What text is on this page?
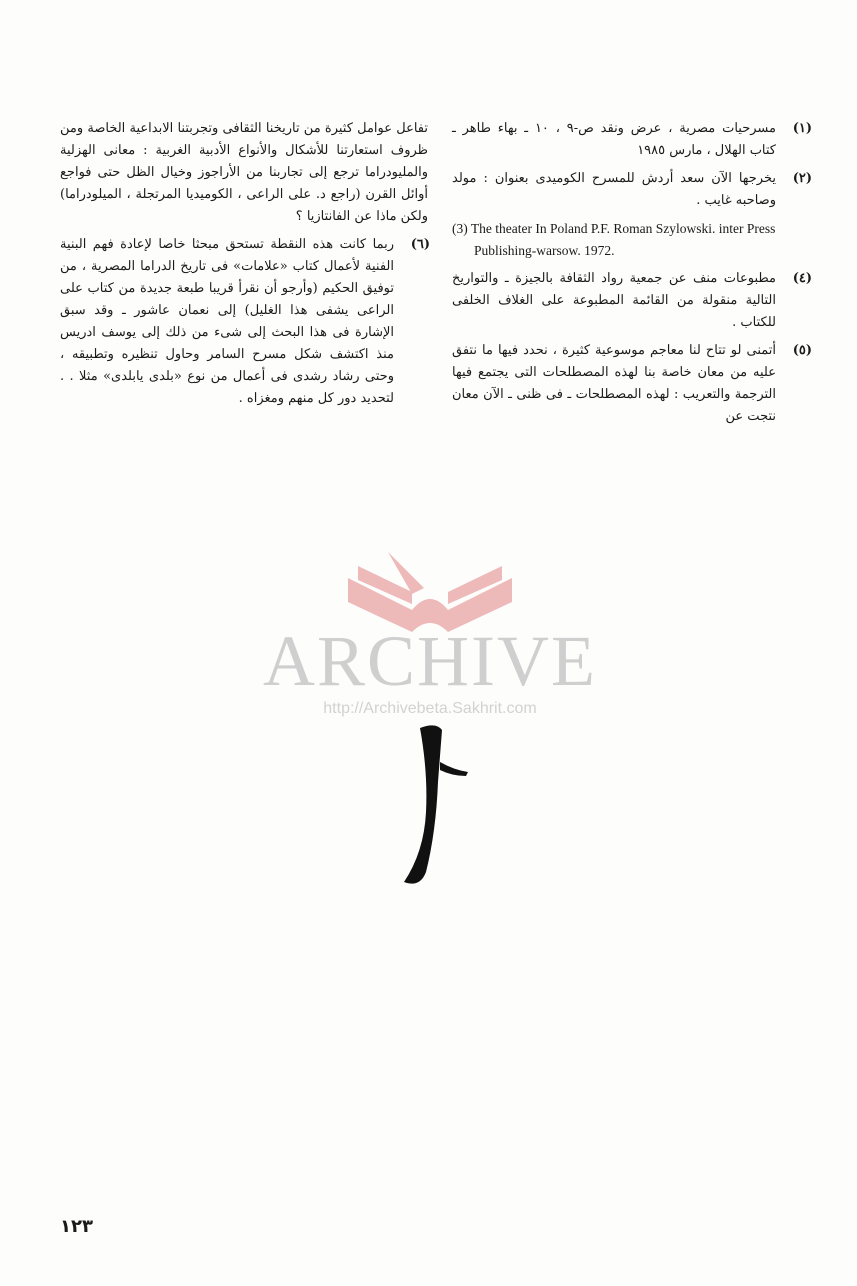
(١)
مسرحيات مصرية ، عرض ونقد ص-٩ ، ١٠ ـ بهاء طاهر ـ كتاب الهلال ، مارس ١٩٨٥
(٢)
يخرجها الآن سعد أردش للمسرح الكوميدى بعنوان : مولد وصاحبه غايب .
(3) The theater In Poland P.F. Roman Szylowski. inter Press Publishing-warsow. 1972.
(٤)
مطبوعات منف عن جمعية رواد الثقافة بالجيزة ـ والتواريخ التالية منقولة من القائمة المطبوعة على الغلاف الخلفى للكتاب .
(٥)
أتمنى لو تتاح لنا معاجم موسوعية كثيرة ، نحدد فيها ما نتفق عليه من معان خاصة بنا لهذه المصطلحات التى يجتمع فيها الترجمة والتعريب : لهذه المصطلحات ـ فى ظنى ـ الآن معان نتجت عن
تفاعل عوامل كثيرة من تاريخنا الثقافى وتجربتنا الابداعية الخاصة ومن ظروف استعارتنا للأشكال والأنواع الأدبية الغربية : معانى الهزلية والمليودراما ترجع إلى تجاربنا من الأراجوز وخيال الظل حتى فواجع أوائل القرن (راجع د. على الراعى ، الكوميديا المرتجلة ، الميلودراما) ولكن ماذا عن الفانتازيا ؟
(٦)
ربما كانت هذه النقطة تستحق مبحثا خاصا لإعادة فهم البنية الفنية لأعمال كتاب «علامات» فى تاريخ الدراما المصرية ، من توفيق الحكيم (وأرجو أن نقرأ قريبا طبعة جديدة من كتاب على الراعى يشفى هذا الغليل) إلى نعمان عاشور ـ وقد سبق الإشارة فى هذا البحث إلى شىء من ذلك إلى يوسف ادريس منذ اكتشف شكل مسرح السامر وحاول تنظيره وتطبيقه ، وحتى رشاد رشدى فى أعمال من نوع «بلدى يابلدى» مثلا . . لتحديد دور كل منهم ومغزاه .
ARCHIVE
http://Archivebeta.Sakhrit.com
١٢٣
